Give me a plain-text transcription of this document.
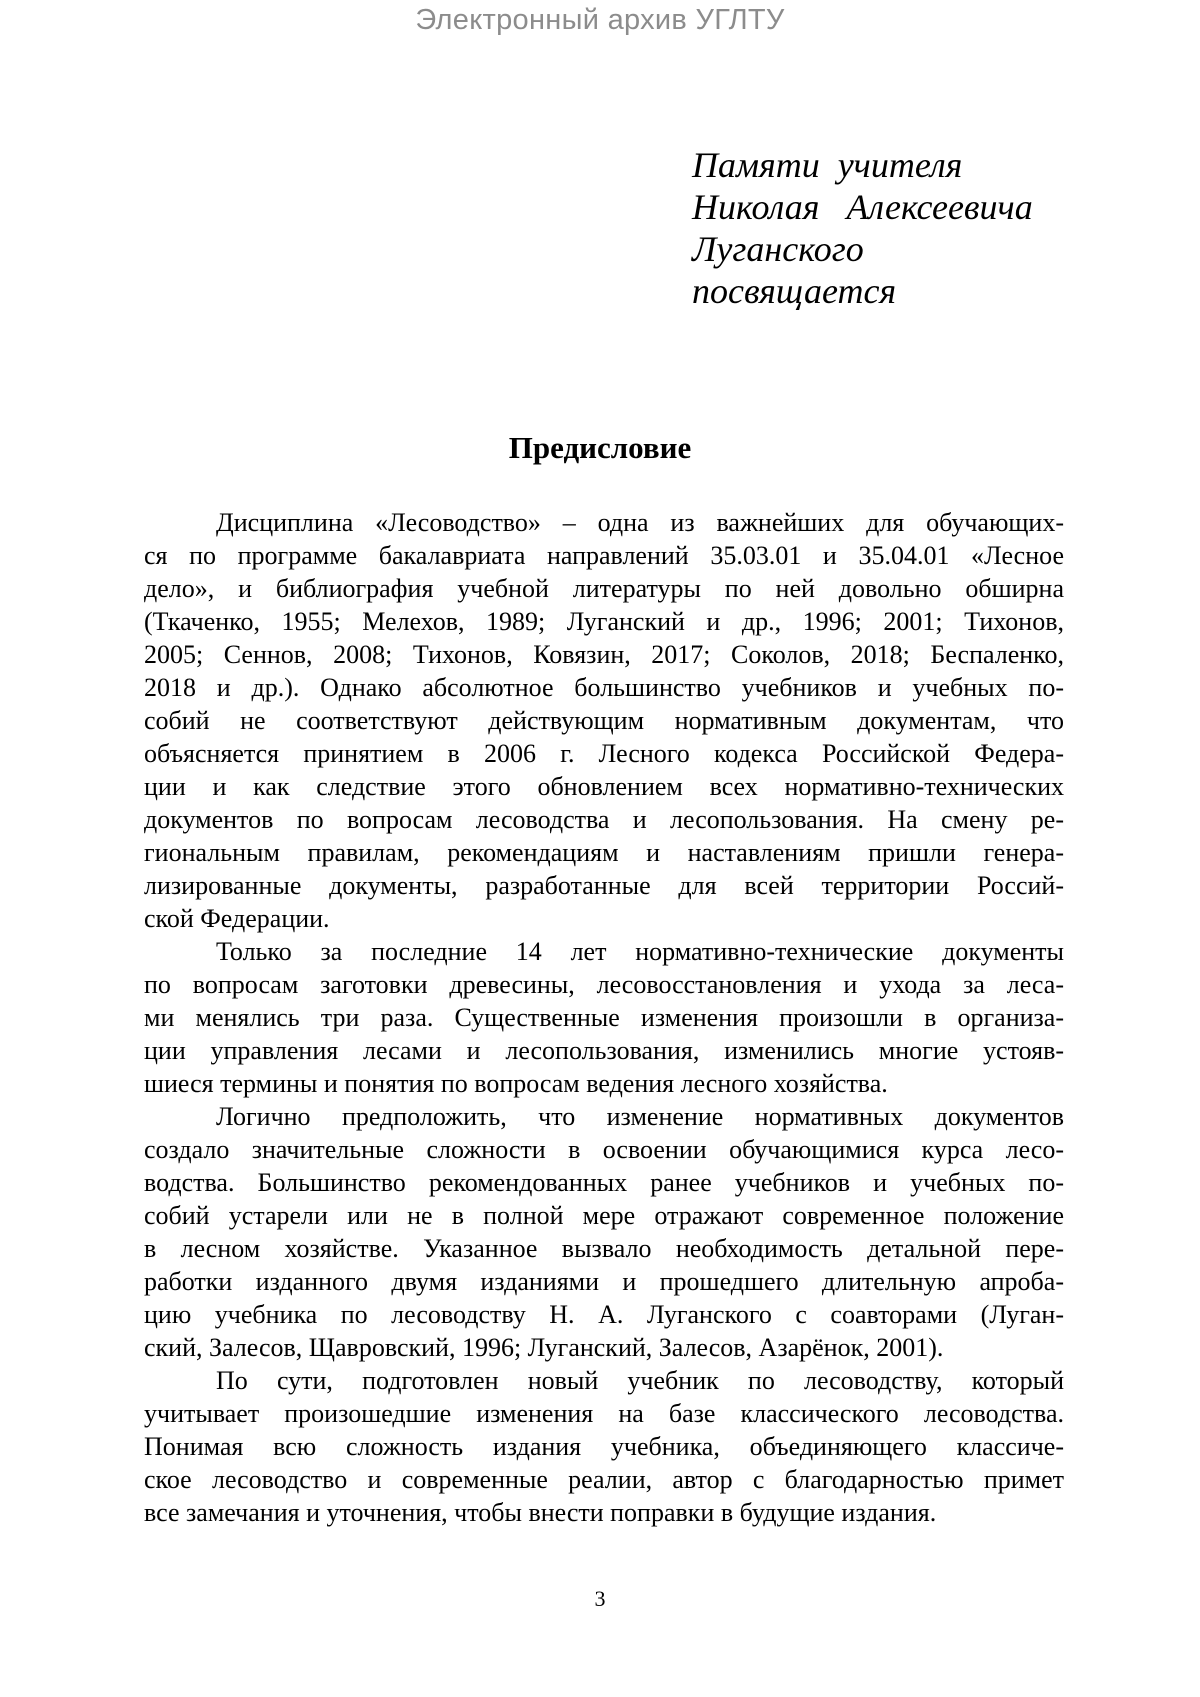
Электронный архив УГЛТУ
Памяти  учителя
Николая   Алексеевича
Луганского
посвящается
Предисловие
Дисциплина «Лесоводство» – одна из важнейших для обучающих-
ся по программе бакалавриата направлений 35.03.01 и 35.04.01 «Лесное
дело», и библиография учебной литературы по ней довольно обширна
(Ткаченко, 1955; Мелехов, 1989; Луганский и др., 1996; 2001; Тихонов,
2005; Сеннов, 2008; Тихонов, Ковязин, 2017; Соколов, 2018; Беспаленко,
2018 и др.). Однако абсолютное большинство учебников и учебных по-
собий не соответствуют действующим нормативным документам, что
объясняется принятием в 2006 г. Лесного кодекса Российской Федера-
ции и как следствие этого обновлением всех нормативно-технических
документов по вопросам лесоводства и лесопользования. На смену ре-
гиональным правилам, рекомендациям и наставлениям пришли генера-
лизированные документы, разработанные для всей территории Россий-
ской Федерации.
Только за последние 14 лет нормативно-технические документы
по вопросам заготовки древесины, лесовосстановления и ухода за леса-
ми менялись три раза. Существенные изменения произошли в организа-
ции управления лесами и лесопользования, изменились многие устояв-
шиеся термины и понятия по вопросам ведения лесного хозяйства.
Логично предположить, что изменение нормативных документов
создало значительные сложности в освоении обучающимися курса лесо-
водства. Большинство рекомендованных ранее учебников и учебных по-
собий устарели или не в полной мере отражают современное положение
в лесном хозяйстве. Указанное вызвало необходимость детальной пере-
работки изданного двумя изданиями и прошедшего длительную апроба-
цию учебника по лесоводству Н. А. Луганского с соавторами (Луган-
ский, Залесов, Щавровский, 1996; Луганский, Залесов, Азарёнок, 2001).
По сути, подготовлен новый учебник по лесоводству, который
учитывает произошедшие изменения на базе классического лесоводства.
Понимая всю сложность издания учебника, объединяющего классиче-
ское лесоводство и современные реалии, автор с благодарностью примет
все замечания и уточнения, чтобы внести поправки в будущие издания.
3
